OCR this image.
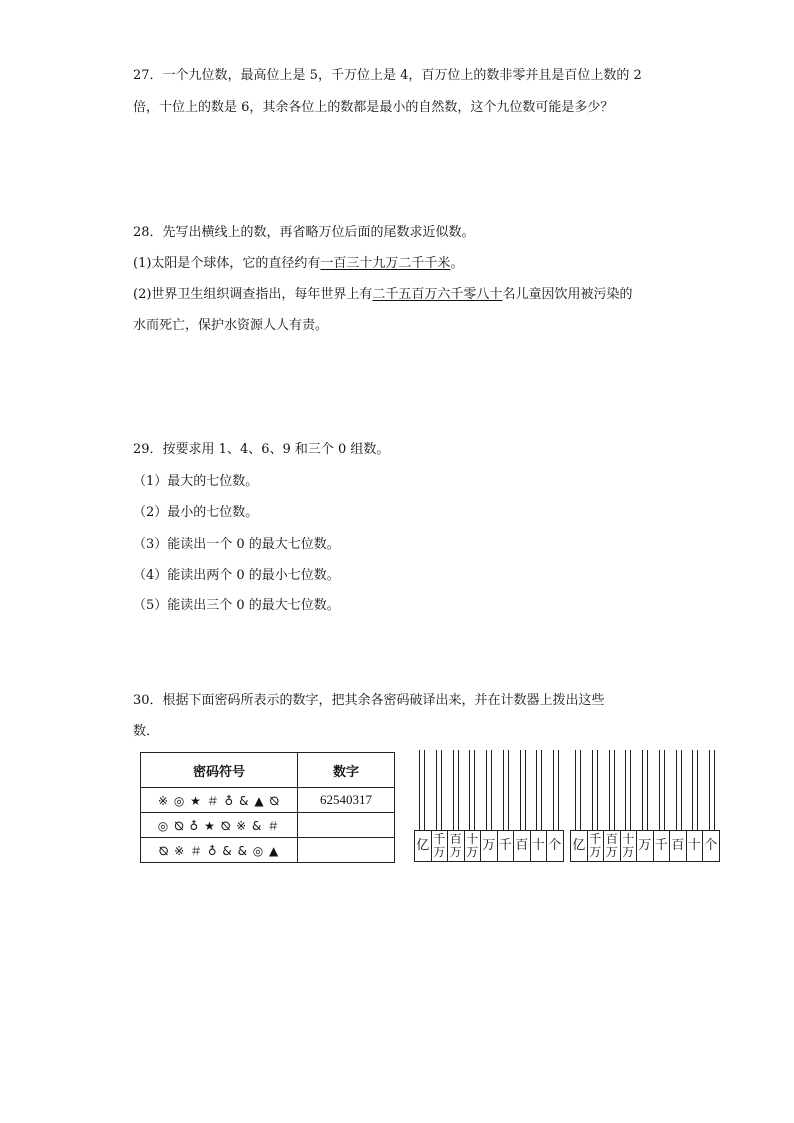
27．一个九位数，最高位上是 5，千万位上是 4，百万位上的数非零并且是百位上数的 2
倍，十位上的数是 6，其余各位上的数都是最小的自然数，这个九位数可能是多少？
28．先写出横线上的数，再省略万位后面的尾数求近似数。
(1)太阳是个球体，它的直径约有一百三十九万二千千米。
(2)世界卫生组织调查指出，每年世界上有二千五百万六千零八十名儿童因饮用被污染的
水而死亡，保护水资源人人有责。
29．按要求用 1、4、6、9 和三个 0 组数。
（1）最大的七位数。
（2）最小的七位数。
（3）能读出一个 0 的最大七位数。
（4）能读出两个 0 的最小七位数。
（5）能读出三个 0 的最大七位数。
30．根据下面密码所表示的数字，把其余各密码破译出来，并在计数器上拨出这些
数．
密码符号	数字
※ ◎ ★ ＃ ♁ & ▲ ⦰	62540317
◎ ⦰ ♁ ★ ⦰ ※ & ＃	
⦰ ※ ＃ ♁ & & ◎ ▲		亿 千
万
百
万
十
万 万 千 百 十 个 亿 千
万
百
万
十
万 万 千 百 十 个
